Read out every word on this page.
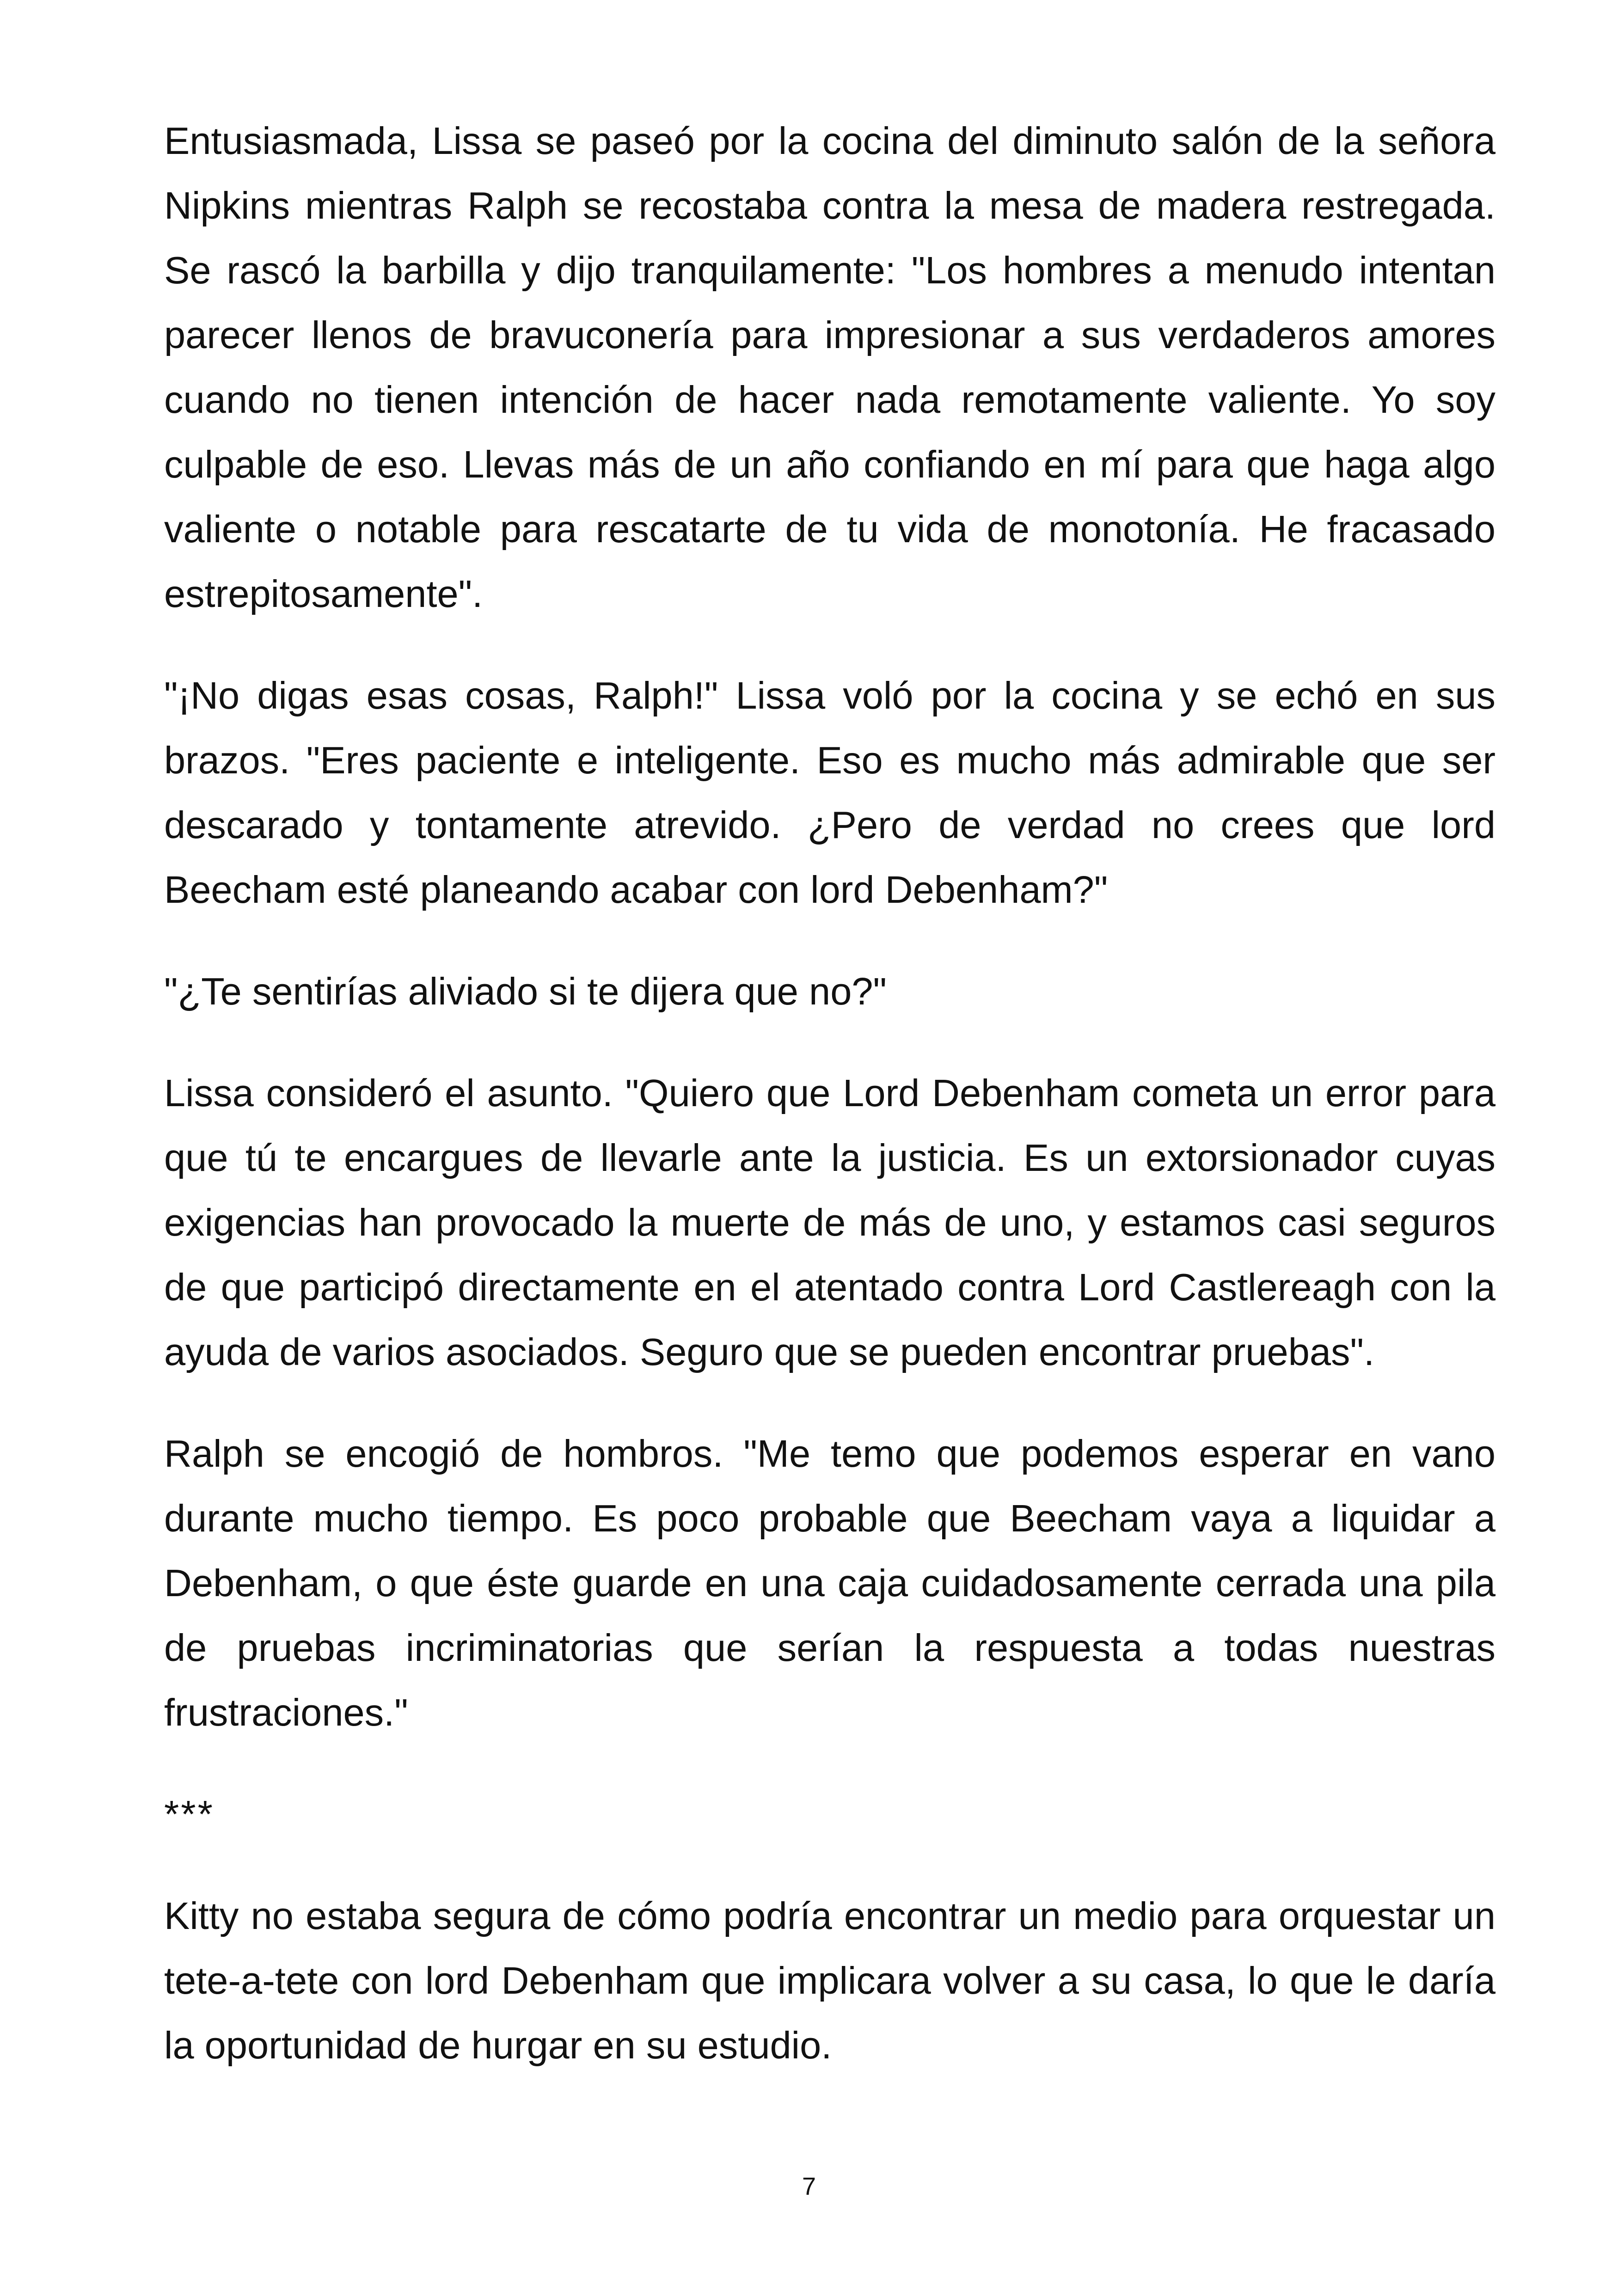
Entusiasmada, Lissa se paseó por la cocina del diminuto salón de la señora Nipkins mientras Ralph se recostaba contra la mesa de madera restregada. Se rascó la barbilla y dijo tranquilamente: "Los hombres a menudo intentan parecer llenos de bravuconería para impresionar a sus verdaderos amores cuando no tienen intención de hacer nada remotamente valiente. Yo soy culpable de eso. Llevas más de un año confiando en mí para que haga algo valiente o notable para rescatarte de tu vida de monotonía. He fracasado estrepitosamente".

"¡No digas esas cosas, Ralph!" Lissa voló por la cocina y se echó en sus brazos. "Eres paciente e inteligente. Eso es mucho más admirable que ser descarado y tontamente atrevido. ¿Pero de verdad no crees que lord Beecham esté planeando acabar con lord Debenham?"

"¿Te sentirías aliviado si te dijera que no?"

Lissa consideró el asunto. "Quiero que Lord Debenham cometa un error para que tú te encargues de llevarle ante la justicia. Es un extorsionador cuyas exigencias han provocado la muerte de más de uno, y estamos casi seguros de que participó directamente en el atentado contra Lord Castlereagh con la ayuda de varios asociados. Seguro que se pueden encontrar pruebas".

Ralph se encogió de hombros. "Me temo que podemos esperar en vano durante mucho tiempo. Es poco probable que Beecham vaya a liquidar a Debenham, o que éste guarde en una caja cuidadosamente cerrada una pila de pruebas incriminatorias que serían la respuesta a todas nuestras frustraciones."

***

Kitty no estaba segura de cómo podría encontrar un medio para orquestar un tete-a-tete con lord Debenham que implicara volver a su casa, lo que le daría la oportunidad de hurgar en su estudio.

7
